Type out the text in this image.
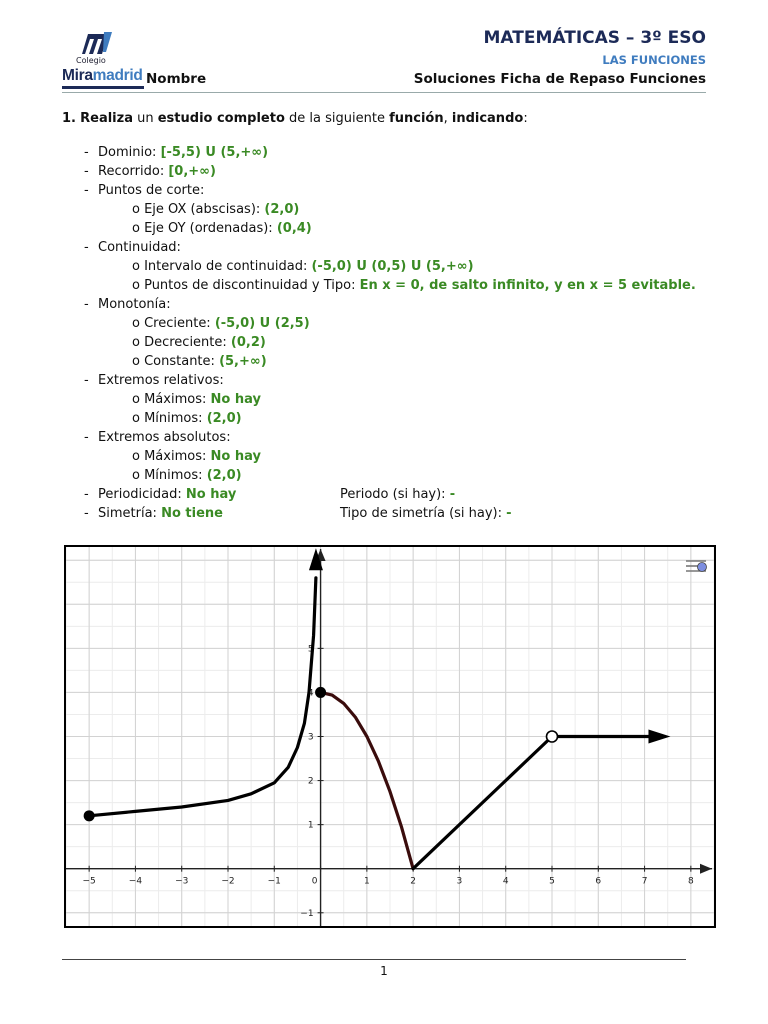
Colegio
Miramadrid
MATEMÁTICAS – 3º ESO
LAS FUNCIONES
Nombre	Soluciones Ficha de Repaso Funciones
1. Realiza un estudio completo de la siguiente función, indicando:
- Dominio: [-5,5) U (5,+∞)
- Recorrido: [0,+∞)
- Puntos de corte:
o Eje OX (abscisas): (2,0)
o Eje OY (ordenadas): (0,4)
- Continuidad:
o Intervalo de continuidad: (-5,0) U (0,5) U (5,+∞)
o Puntos de discontinuidad y Tipo: En x = 0, de salto infinito, y en x = 5 evitable.
- Monotonía:
o Creciente: (-5,0) U (2,5)
o Decreciente: (0,2)
o Constante: (5,+∞)
- Extremos relativos:
o Máximos: No hay
o Mínimos: (2,0)
- Extremos absolutos:
o Máximos: No hay
o Mínimos: (2,0)
- Periodicidad: No hay	Periodo (si hay): -
- Simetría: No tiene	Tipo de simetría (si hay): -
−5	−4	−3	−2	−1	0	1	2	3	4	5	6	7	8
−1
1
2
3
4
5
1
